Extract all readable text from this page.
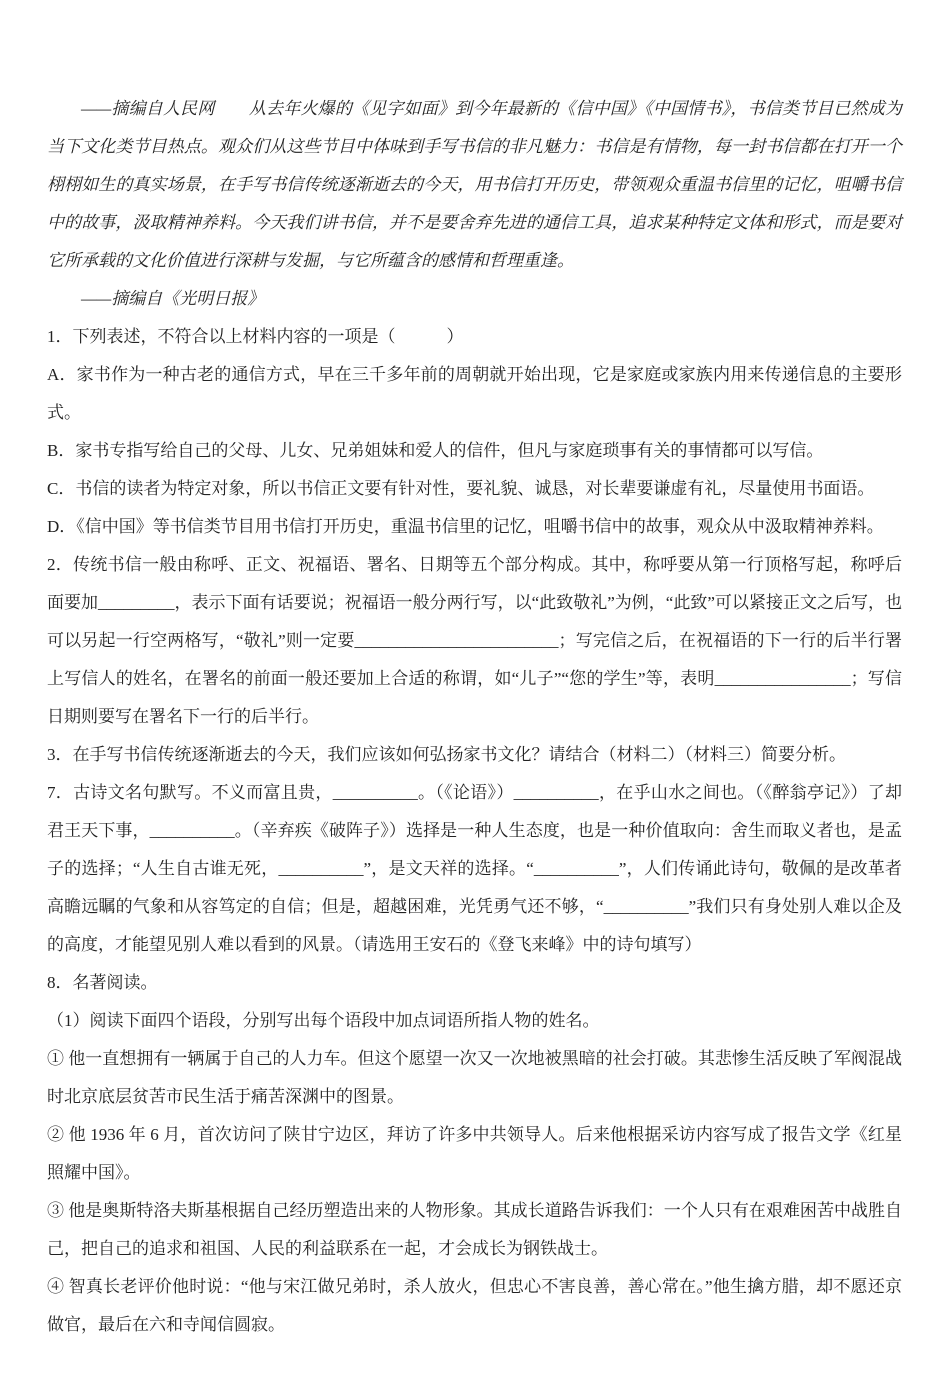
——摘编自人民网　　从去年火爆的《见字如面》到今年最新的《信中国》《中国情书》，书信类节目已然成为当下文化类节目热点。观众们从这些节目中体味到手写书信的非凡魅力：书信是有情物，每一封书信都在打开一个栩栩如生的真实场景，在手写书信传统逐渐逝去的今天，用书信打开历史，带领观众重温书信里的记忆，咀嚼书信中的故事，汲取精神养料。今天我们讲书信，并不是要舍弃先进的通信工具，追求某种特定文体和形式，而是要对它所承载的文化价值进行深耕与发掘，与它所蕴含的感情和哲理重逢。

——摘编自《光明日报》

1．下列表述，不符合以上材料内容的一项是（　　　）

A．家书作为一种古老的通信方式，早在三千多年前的周朝就开始出现，它是家庭或家族内用来传递信息的主要形式。

B．家书专指写给自己的父母、儿女、兄弟姐妹和爱人的信件，但凡与家庭琐事有关的事情都可以写信。

C．书信的读者为特定对象，所以书信正文要有针对性，要礼貌、诚恳，对长辈要谦虚有礼，尽量使用书面语。

D．《信中国》等书信类节目用书信打开历史，重温书信里的记忆，咀嚼书信中的故事，观众从中汲取精神养料。

2．传统书信一般由称呼、正文、祝福语、署名、日期等五个部分构成。其中，称呼要从第一行顶格写起，称呼后面要加_________，表示下面有话要说；祝福语一般分两行写，以“此致敬礼”为例，“此致”可以紧接正文之后写，也可以另起一行空两格写，“敬礼”则一定要________________________；写完信之后，在祝福语的下一行的后半行署上写信人的姓名，在署名的前面一般还要加上合适的称谓，如“儿子”“您的学生”等，表明________________；写信日期则要写在署名下一行的后半行。

3．在手写书信传统逐渐逝去的今天，我们应该如何弘扬家书文化？请结合（材料二）（材料三）简要分析。

7．古诗文名句默写。不义而富且贵，__________。（《论语》）__________，在乎山水之间也。（《醉翁亭记》）了却君王天下事，__________。（辛弃疾《破阵子》）选择是一种人生态度，也是一种价值取向：舍生而取义者也，是孟子的选择；“人生自古谁无死，__________”，是文天祥的选择。“__________”，人们传诵此诗句，敬佩的是改革者高瞻远瞩的气象和从容笃定的自信；但是，超越困难，光凭勇气还不够，“__________”我们只有身处别人难以企及的高度，才能望见别人难以看到的风景。（请选用王安石的《登飞来峰》中的诗句填写）

8．名著阅读。

（1）阅读下面四个语段，分别写出每个语段中加点词语所指人物的姓名。

① 他一直想拥有一辆属于自己的人力车。但这个愿望一次又一次地被黑暗的社会打破。其悲惨生活反映了军阀混战时北京底层贫苦市民生活于痛苦深渊中的图景。

② 他 1936 年 6 月，首次访问了陕甘宁边区，拜访了许多中共领导人。后来他根据采访内容写成了报告文学《红星照耀中国》。

③ 他是奥斯特洛夫斯基根据自己经历塑造出来的人物形象。其成长道路告诉我们：一个人只有在艰难困苦中战胜自己，把自己的追求和祖国、人民的利益联系在一起，才会成长为钢铁战士。

④ 智真长老评价他时说：“他与宋江做兄弟时，杀人放火，但忠心不害良善，善心常在。”他生擒方腊，却不愿还京做官，最后在六和寺闻信圆寂。
